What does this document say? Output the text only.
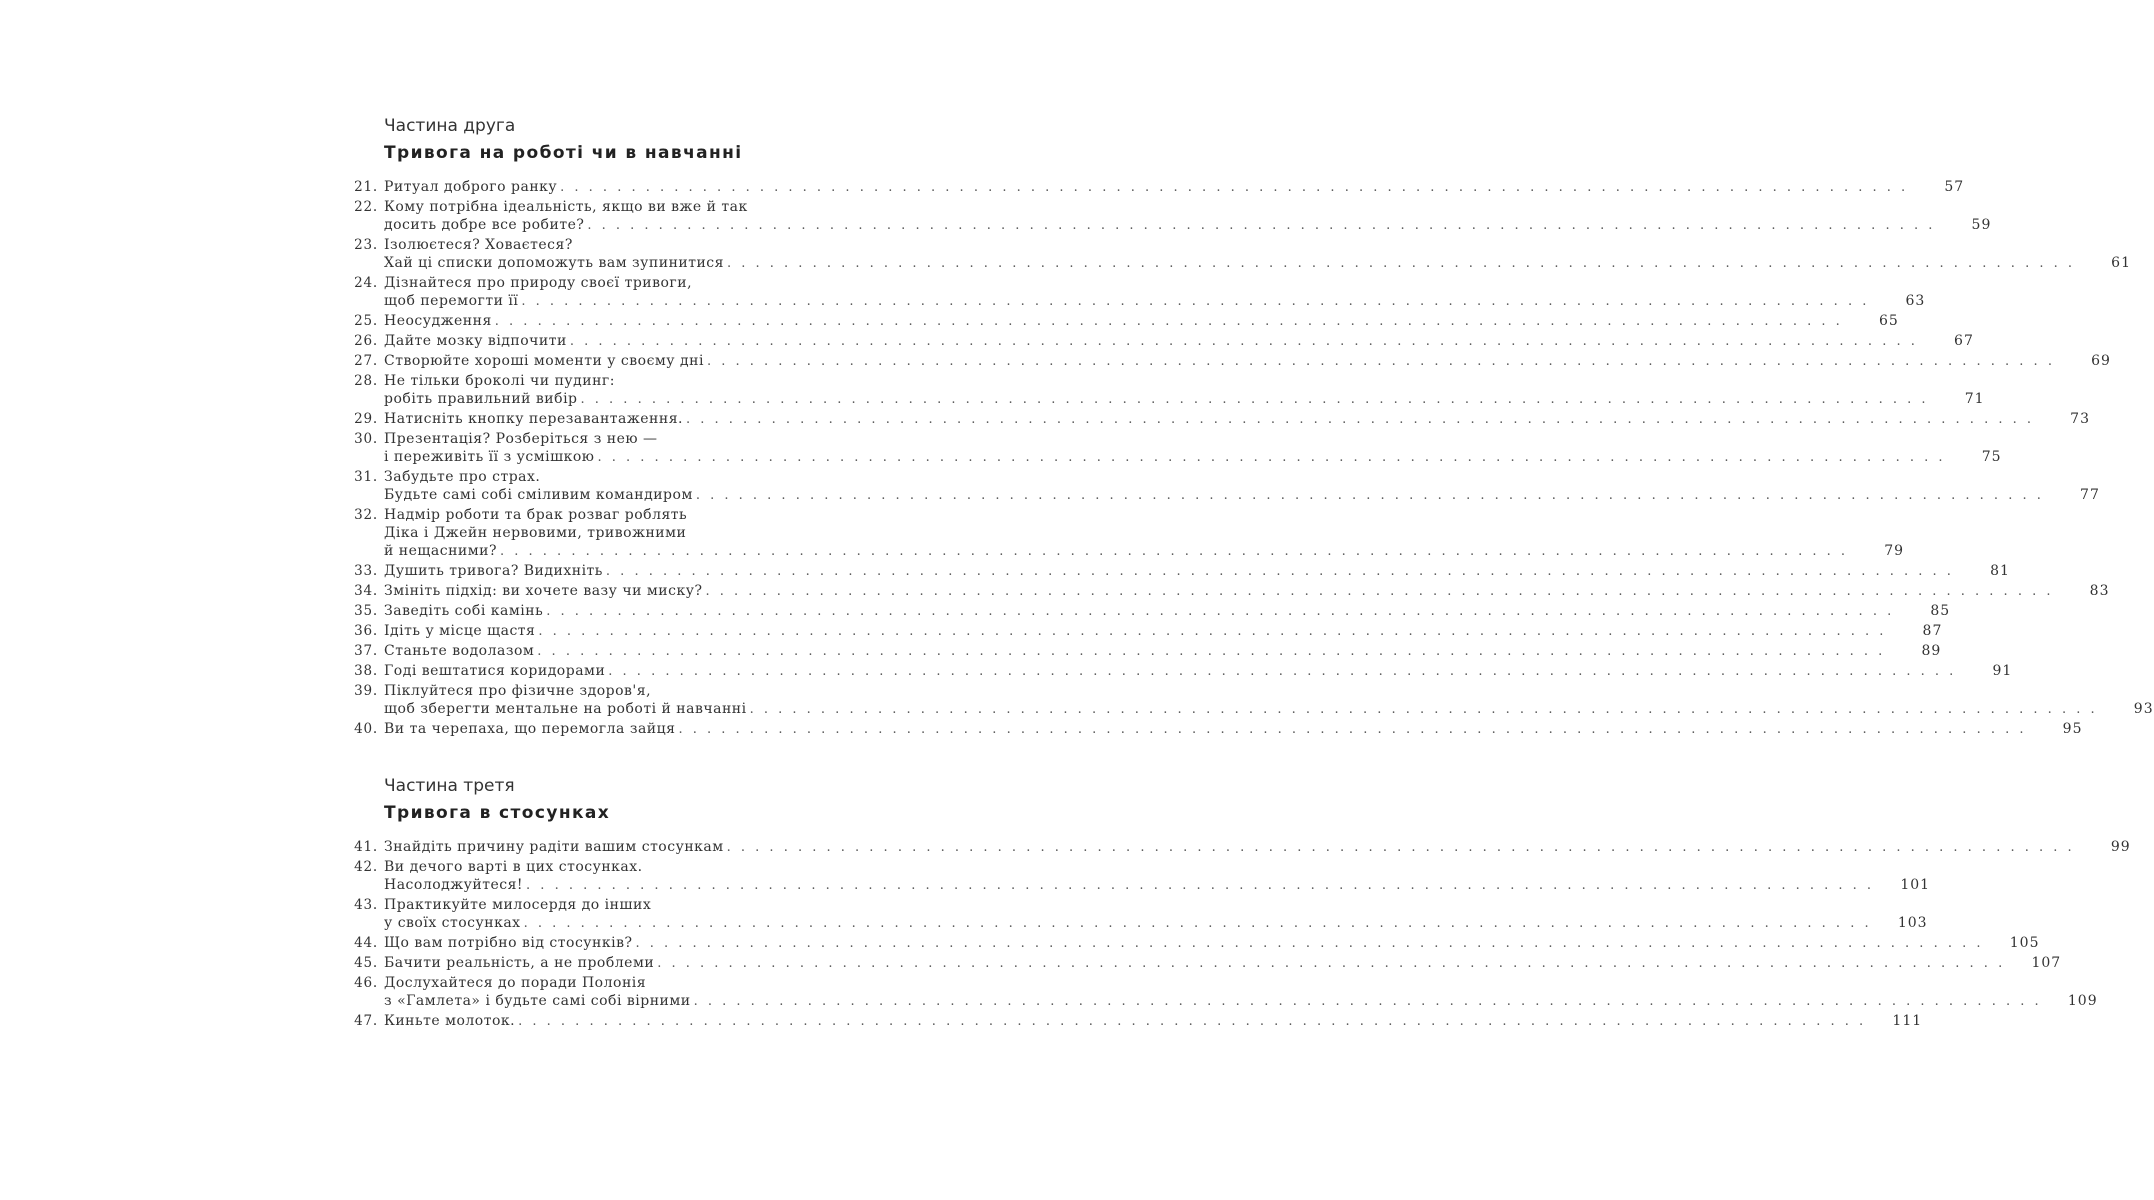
Частина друга
Тривога на роботі чи в навчанні
21. Ритуал доброго ранку . . .	57
22. Кому потрібна ідеальність, якщо ви вже й так
досить добре все робите? . . .	59
23. Ізолюєтеся? Ховаєтеся?
Хай ці списки допоможуть вам зупинитися . . .	61
24. Дізнайтеся про природу своєї тривоги,
щоб перемогти її . . .	63
25. Неосудження . . .	65
26. Дайте мозку відпочити . . .	67
27. Створюйте хороші моменти у своєму дні . . .	69
28. Не тільки броколі чи пудинг:
робіть правильний вибір . . .	71
29. Натисніть кнопку перезавантаження. . . .	73
30. Презентація? Розберіться з нею —
і переживіть її з усмішкою . . .	75
31. Забудьте про страх.
Будьте самі собі сміливим командиром . . .	77
32. Надмір роботи та брак розваг роблять
Діка і Джейн нервовими, тривожними
й нещасними? . . .	79
33. Душить тривога? Видихніть . . .	81
34. Змініть підхід: ви хочете вазу чи миску? . . .	83
35. Заведіть собі камінь . . .	85
36. Ідіть у місце щастя . . .	87
37. Станьте водолазом . . .	89
38. Годі вештатися коридорами . . .	91
39. Піклуйтеся про фізичне здоров'я,
щоб зберегти ментальне на роботі й навчанні . . .	93
40. Ви та черепаха, що перемогла зайця . . .	95
Частина третя
Тривога в стосунках
41. Знайдіть причину радіти вашим стосункам . . .	99
42. Ви дечого варті в цих стосунках.
Насолоджуйтеся! . . .	101
43. Практикуйте милосердя до інших
у своїх стосунках . . .	103
44. Що вам потрібно від стосунків? . . .	105
45. Бачити реальність, а не проблеми . . .	107
46. Дослухайтеся до поради Полонія
з «Гамлета» і будьте самі собі вірними . . .	109
47. Киньте молоток. . . .	111
